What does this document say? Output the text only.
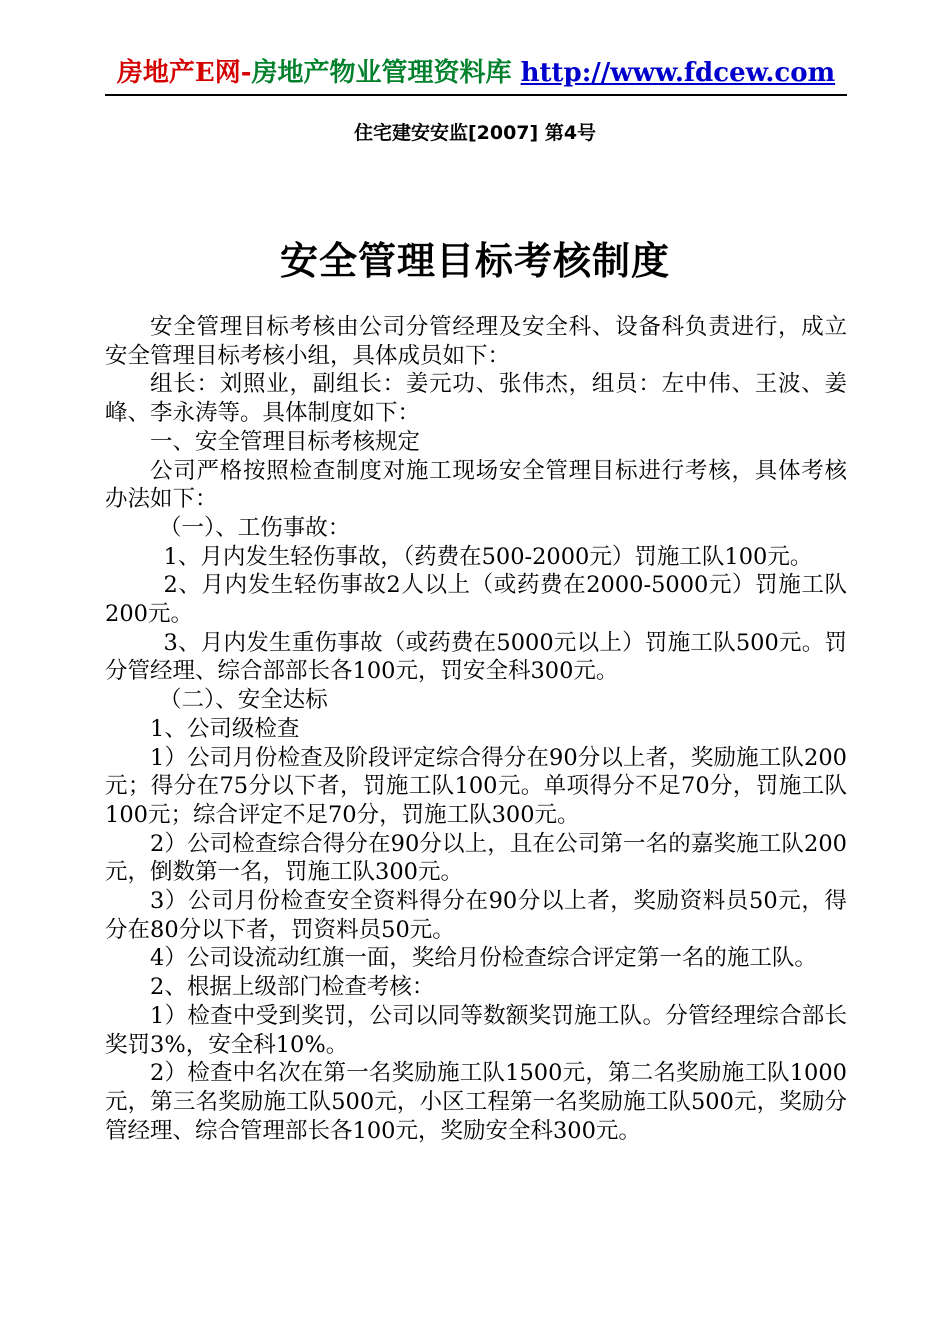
房地产E网-房地产物业管理资料库 http://www.fdcew.com
住宅建安安监[2007] 第4号
安全管理目标考核制度

安全管理目标考核由公司分管经理及安全科、设备科负责进行，成立安全管理目标考核小组，具体成员如下：

组长：刘照业，副组长：姜元功、张伟杰，组员：左中伟、王波、姜峰、李永涛等。具体制度如下：

一、安全管理目标考核规定

公司严格按照检查制度对施工现场安全管理目标进行考核，具体考核办法如下：

（一）、工伤事故：

1、月内发生轻伤事故，（药费在500-2000元）罚施工队100元。

2、月内发生轻伤事故2人以上（或药费在2000-5000元）罚施工队200元。

3、月内发生重伤事故（或药费在5000元以上）罚施工队500元。罚分管经理、综合部部长各100元，罚安全科300元。

（二）、安全达标

1、公司级检查

1）公司月份检查及阶段评定综合得分在90分以上者，奖励施工队200元；得分在75分以下者，罚施工队100元。单项得分不足70分，罚施工队100元；综合评定不足70分，罚施工队300元。

2）公司检查综合得分在90分以上，且在公司第一名的嘉奖施工队200元，倒数第一名，罚施工队300元。

3）公司月份检查安全资料得分在90分以上者，奖励资料员50元，得分在80分以下者，罚资料员50元。

4）公司设流动红旗一面，奖给月份检查综合评定第一名的施工队。

2、根据上级部门检查考核：

1）检查中受到奖罚，公司以同等数额奖罚施工队。分管经理综合部长奖罚3%，安全科10%。

2）检查中名次在第一名奖励施工队1500元，第二名奖励施工队1000元，第三名奖励施工队500元，小区工程第一名奖励施工队500元，奖励分管经理、综合管理部长各100元，奖励安全科300元。
